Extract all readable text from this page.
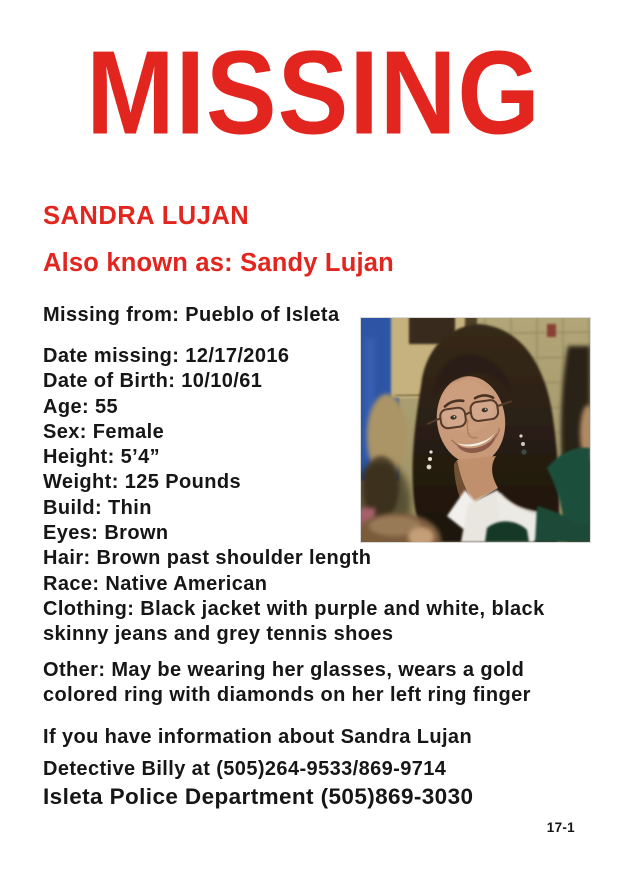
MISSING
SANDRA LUJAN
Also known as: Sandy Lujan
Missing from: Pueblo of Isleta
Date missing: 12/17/2016
Date of Birth: 10/10/61
Age: 55
Sex: Female
Height: 5’4”
Weight: 125 Pounds
Build: Thin
Eyes: Brown
Hair: Brown past shoulder length
Race: Native American
Clothing: Black jacket with purple and white, black skinny jeans and grey tennis shoes
Other: May be wearing her glasses, wears a gold colored ring with diamonds on her left ring finger
If you have information about Sandra Lujan
Detective Billy at (505)264-9533/869-9714
Isleta Police Department (505)869-3030
17-1
